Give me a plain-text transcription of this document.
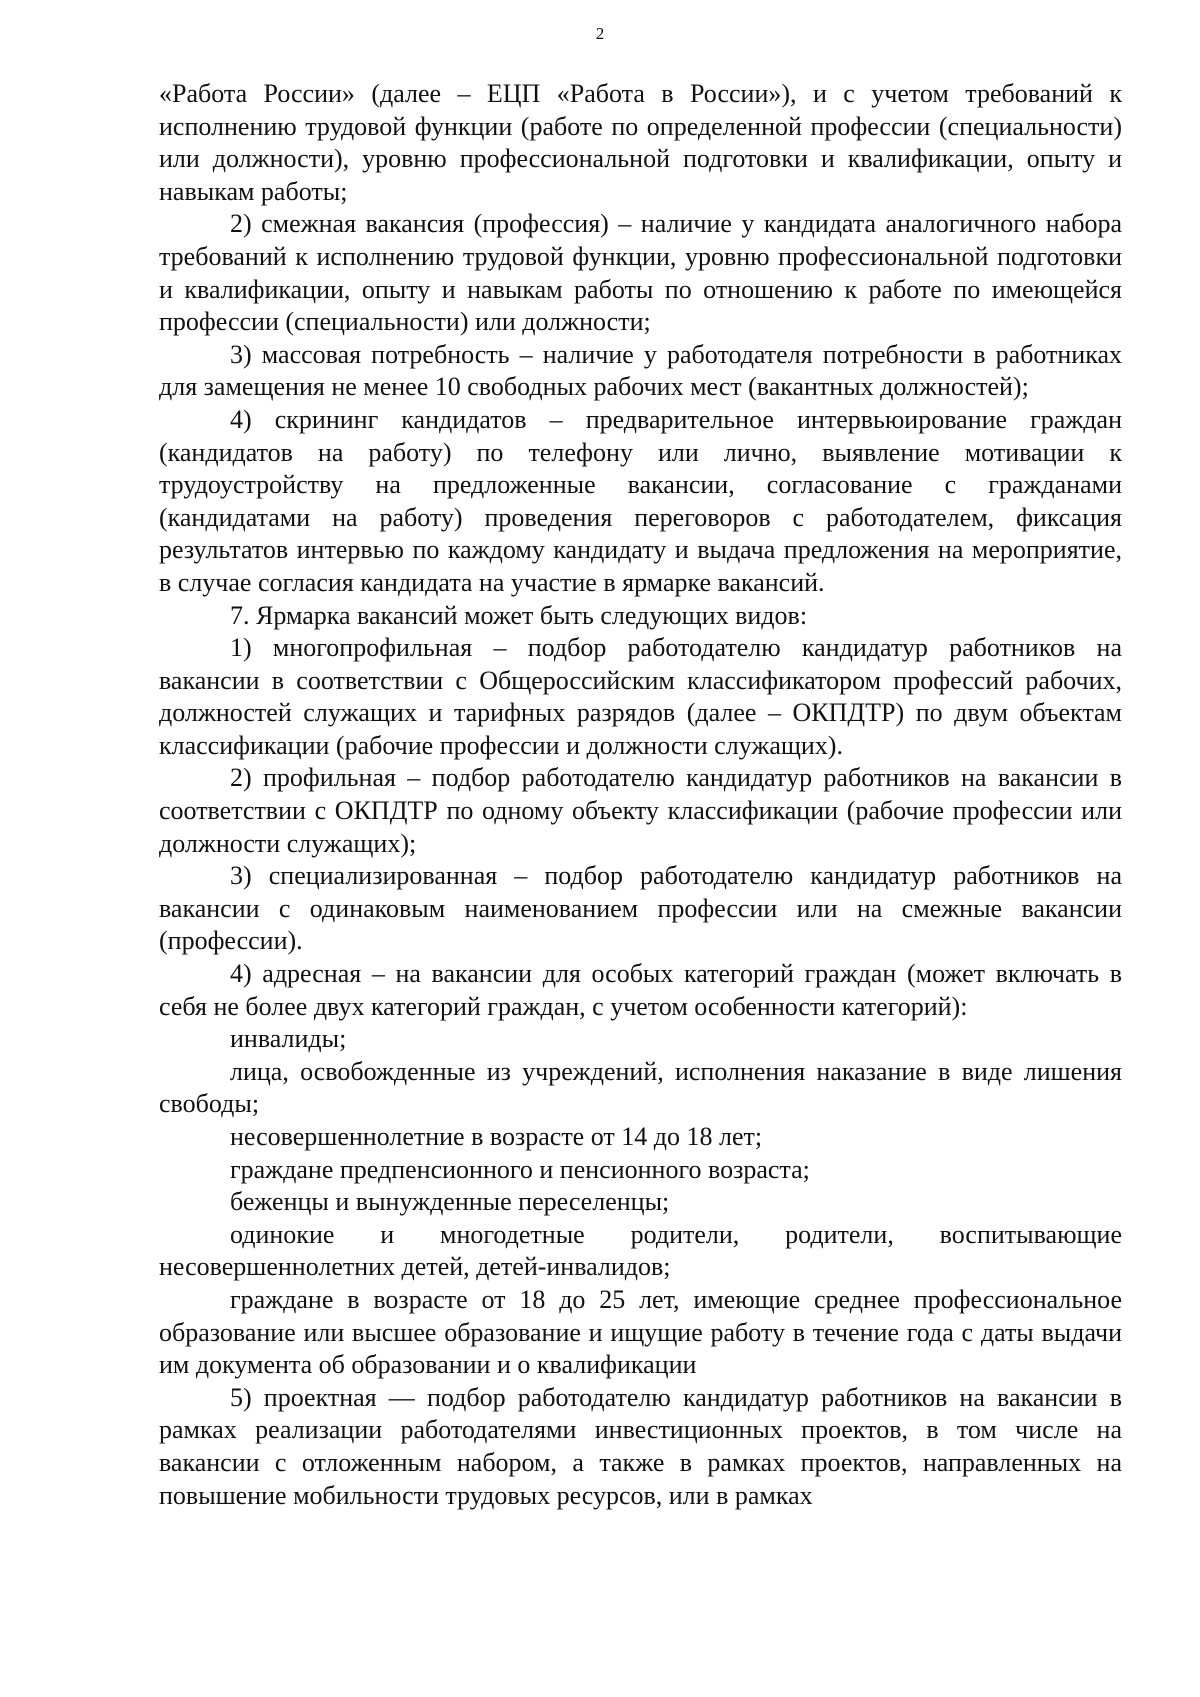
2

«Работа России» (далее – ЕЦП «Работа в России»), и с учетом требований к исполнению трудовой функции (работе по определенной профессии (специальности) или должности), уровню профессиональной подготовки и квалификации, опыту и навыкам работы;

2) смежная вакансия (профессия) – наличие у кандидата аналогичного набора требований к исполнению трудовой функции, уровню профессиональной подготовки и квалификации, опыту и навыкам работы по отношению к работе по имеющейся профессии (специальности) или должности;

3) массовая потребность – наличие у работодателя потребности в работниках для замещения не менее 10 свободных рабочих мест (вакантных должностей);

4) скрининг кандидатов – предварительное интервьюирование граждан (кандидатов на работу) по телефону или лично, выявление мотивации к трудоустройству на предложенные вакансии, согласование с гражданами (кандидатами на работу) проведения переговоров с работодателем, фиксация результатов интервью по каждому кандидату и выдача предложения на мероприятие, в случае согласия кандидата на участие в ярмарке вакансий.

7. Ярмарка вакансий может быть следующих видов:

1) многопрофильная – подбор работодателю кандидатур работников на вакансии в соответствии с Общероссийским классификатором профессий рабочих, должностей служащих и тарифных разрядов (далее – ОКПДТР) по двум объектам классификации (рабочие профессии и должности служащих).

2) профильная – подбор работодателю кандидатур работников на вакансии в соответствии с ОКПДТР по одному объекту классификации (рабочие профессии или должности служащих);

3) специализированная – подбор работодателю кандидатур работников на вакансии с одинаковым наименованием профессии или на смежные вакансии (профессии).

4) адресная – на вакансии для особых категорий граждан (может включать в себя не более двух категорий граждан, с учетом особенности категорий):

инвалиды;

лица, освобожденные из учреждений, исполнения наказание в виде лишения свободы;

несовершеннолетние в возрасте от 14 до 18 лет;

граждане предпенсионного и пенсионного возраста;

беженцы и вынужденные переселенцы;

одинокие и многодетные родители, родители, воспитывающие несовершеннолетних детей, детей-инвалидов;

граждане в возрасте от 18 до 25 лет, имеющие среднее профессиональное образование или высшее образование и ищущие работу в течение года с даты выдачи им документа об образовании и о квалификации

5) проектная — подбор работодателю кандидатур работников на вакансии в рамках реализации работодателями инвестиционных проектов, в том числе на вакансии с отложенным набором, а также в рамках проектов, направленных на повышение мобильности трудовых ресурсов, или в рамках
